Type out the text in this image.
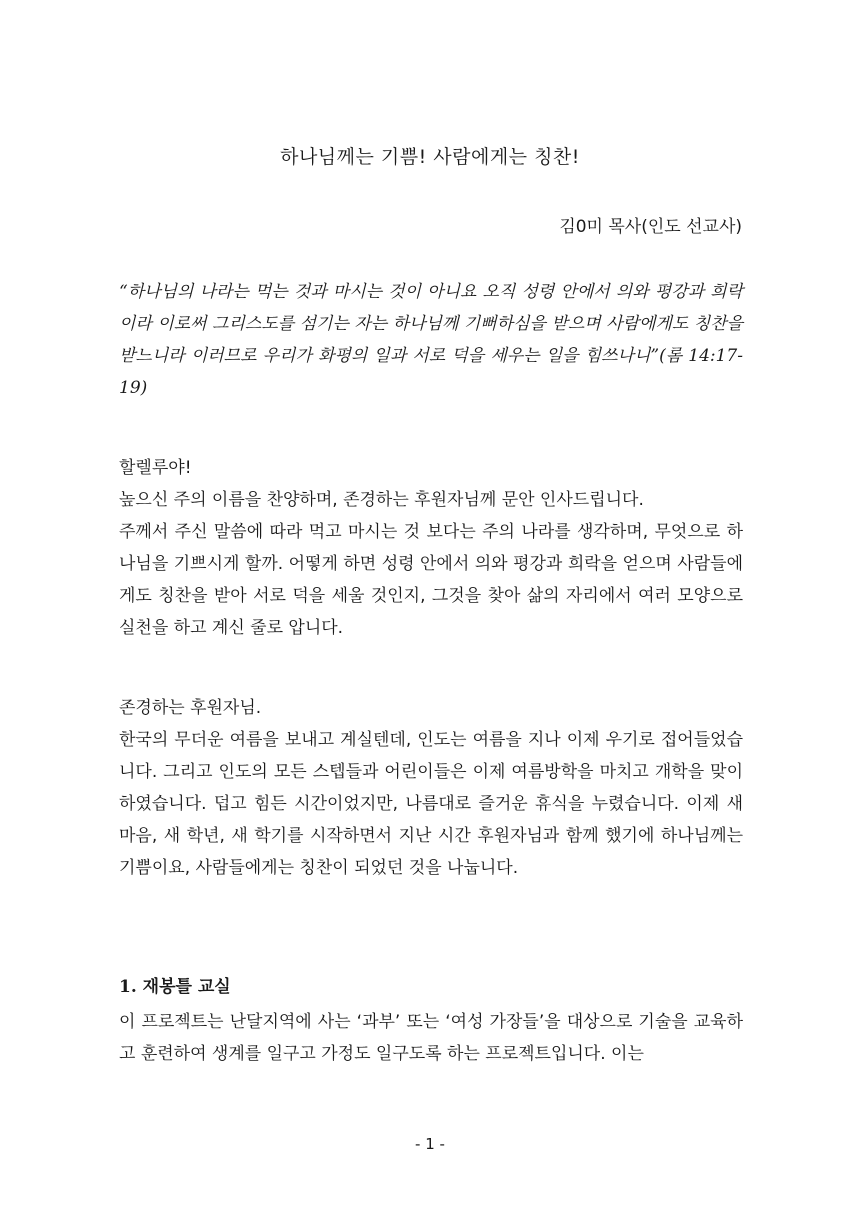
하나님께는 기쁨! 사람에게는 칭찬!
김0미 목사(인도 선교사)
“하나님의 나라는 먹는 것과 마시는 것이 아니요 오직 성령 안에서 의와 평강과 희락이라 이로써 그리스도를 섬기는 자는 하나님께 기뻐하심을 받으며 사람에게도 칭찬을 받느니라 이러므로 우리가 화평의 일과 서로 덕을 세우는 일을 힘쓰나니”(롬 14:17-19)

할렐루야!

높으신 주의 이름을 찬양하며, 존경하는 후원자님께 문안 인사드립니다.

주께서 주신 말씀에 따라 먹고 마시는 것 보다는 주의 나라를 생각하며, 무엇으로 하나님을 기쁘시게 할까. 어떻게 하면 성령 안에서 의와 평강과 희락을 얻으며 사람들에게도 칭찬을 받아 서로 덕을 세울 것인지, 그것을 찾아 삶의 자리에서 여러 모양으로 실천을 하고 계신 줄로 압니다.

존경하는 후원자님.

한국의 무더운 여름을 보내고 계실텐데, 인도는 여름을 지나 이제 우기로 접어들었습니다. 그리고 인도의 모든 스텝들과 어린이들은 이제 여름방학을 마치고 개학을 맞이하였습니다. 덥고 힘든 시간이었지만, 나름대로 즐거운 휴식을 누렸습니다. 이제 새 마음, 새 학년, 새 학기를 시작하면서 지난 시간 후원자님과 함께 했기에 하나님께는 기쁨이요, 사람들에게는 칭찬이 되었던 것을 나눕니다.

1. 재봉틀 교실

이 프로젝트는 난달지역에 사는 ‘과부’ 또는 ‘여성 가장들’을 대상으로 기술을 교육하고 훈련하여 생계를 일구고 가정도 일구도록 하는 프로젝트입니다. 이는

- 1 -
